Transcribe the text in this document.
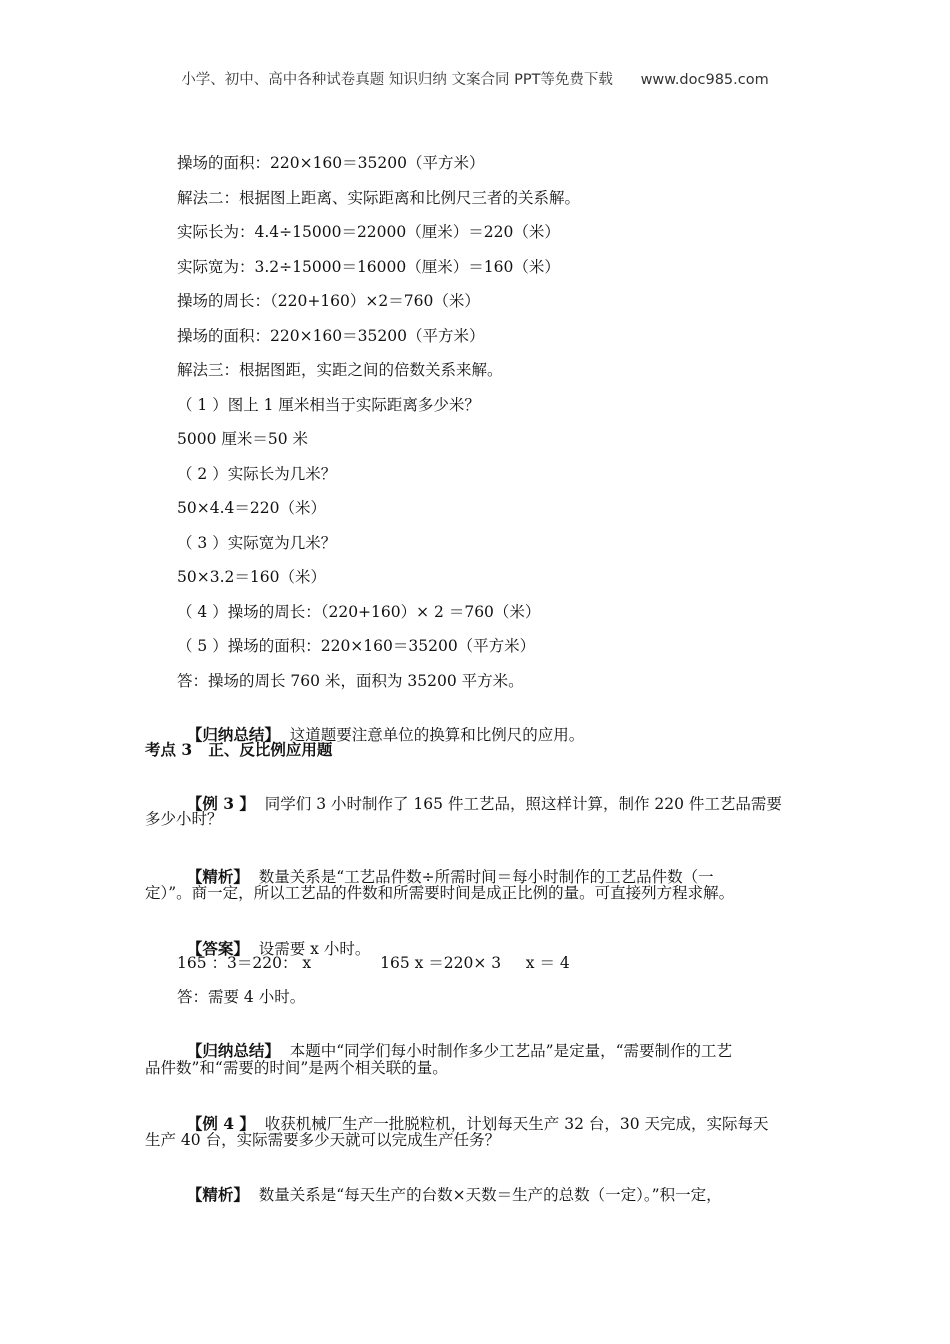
小学、初中、高中各种试卷真题 知识归纳 文案合同 PPT等免费下载      www.doc985.com
操场的面积：220×160＝35200（平方米）
解法二：根据图上距离、实际距离和比例尺三者的关系解。
实际长为：4.4÷15000＝22000（厘米）＝220（米）
实际宽为：3.2÷15000＝16000（厘米）＝160（米）
操场的周长：（220+160）×2＝760（米）
操场的面积：220×160＝35200（平方米）
解法三：根据图距，实距之间的倍数关系来解。
（ 1 ）图上 1 厘米相当于实际距离多少米？
5000 厘米＝50 米
（ 2 ）实际长为几米？
50×4.4＝220（米）
（ 3 ）实际宽为几米？
50×3.2＝160（米）
（ 4 ）操场的周长：（220+160）× 2 ＝760（米）
（ 5 ）操场的面积：220×160＝35200（平方米）
答：操场的周长 760 米，面积为 35200 平方米。

【归纳总结】  这道题要注意单位的换算和比例尺的应用。

考点 3   正、反比例应用题

【例 3 】  同学们 3 小时制作了 165 件工艺品，照这样计算，制作 220 件工艺品需要

多少小时？

【精析】  数量关系是“工艺品件数÷所需时间＝每小时制作的工艺品件数（一

定）”。商一定，所以工艺品的件数和所需要时间是成正比例的量。可直接列方程求解。

【答案】  设需要 x 小时。

165 ：3＝220： x              165 x ＝220× 3     x ＝ 4
答：需要 4 小时。

【归纳总结】  本题中“同学们每小时制作多少工艺品”是定量，“需要制作的工艺

品件数”和“需要的时间”是两个相关联的量。

【例 4 】  收获机械厂生产一批脱粒机，计划每天生产 32 台，30 天完成，实际每天

生产 40 台，实际需要多少天就可以完成生产任务？

【精析】  数量关系是“每天生产的台数×天数＝生产的总数（一定）。”积一定，
